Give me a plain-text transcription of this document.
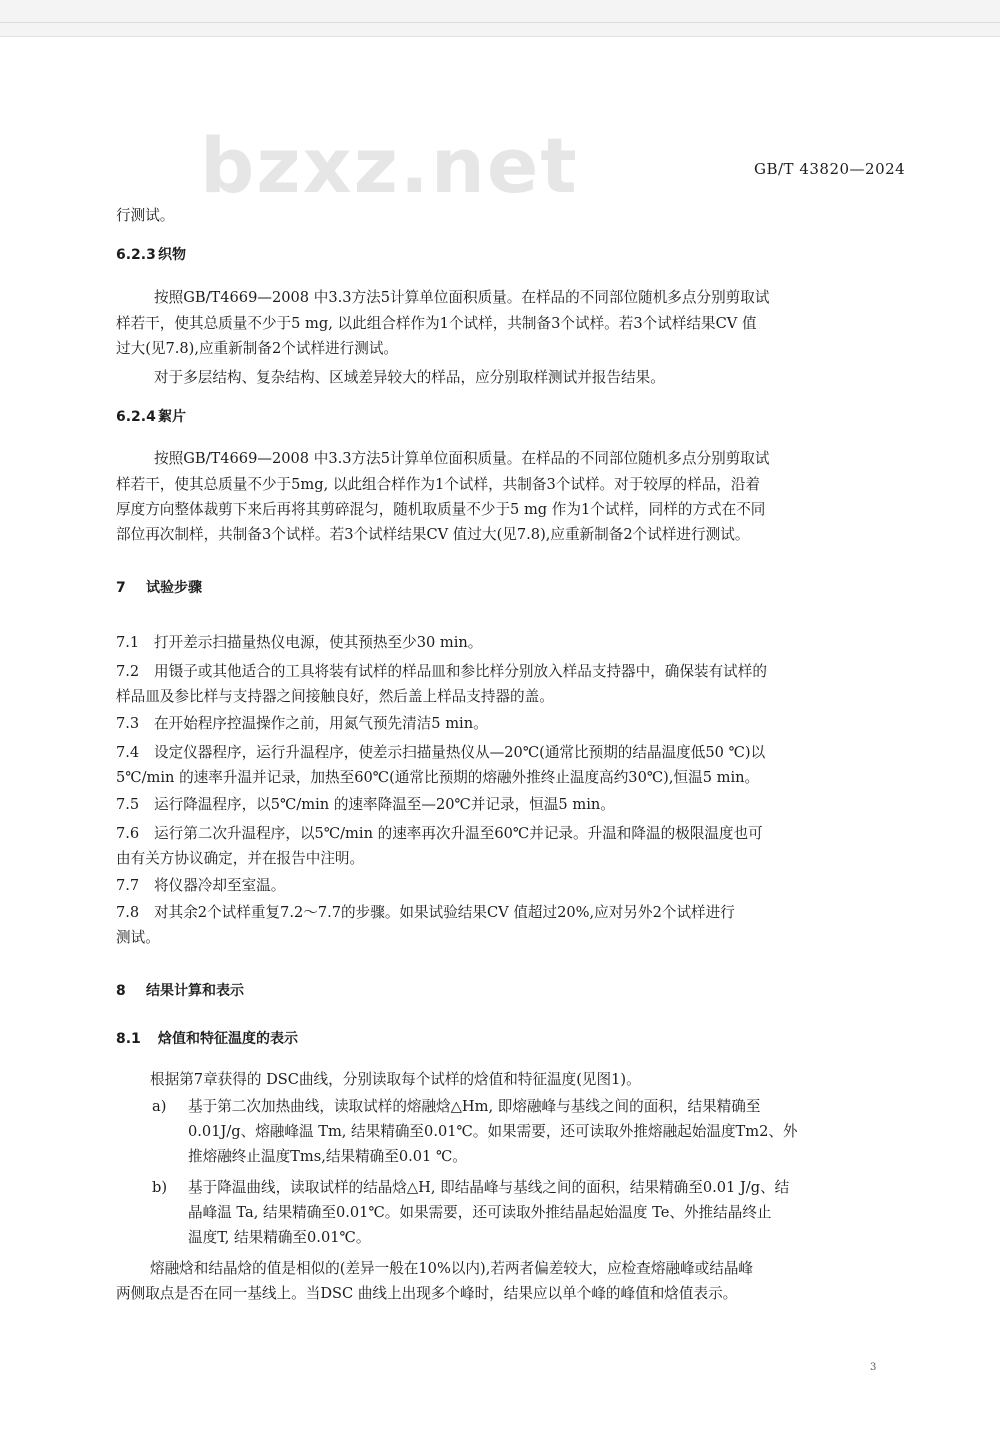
bzxz.net	GB/T 43820—2024
行测试。
6.2.3 织物
按照GB/T4669—2008 中3.3方法5计算单位面积质量。在样品的不同部位随机多点分别剪取试
样若干，使其总质量不少于5 mg, 以此组合样作为1个试样，共制备3个试样。若3个试样结果CV 值
过大(见7.8),应重新制备2个试样进行测试。
对于多层结构、复杂结构、区域差异较大的样品，应分别取样测试并报告结果。
6.2.4 絮片
按照GB/T4669—2008 中3.3方法5计算单位面积质量。在样品的不同部位随机多点分别剪取试
样若干，使其总质量不少于5mg, 以此组合样作为1个试样，共制备3个试样。对于较厚的样品，沿着
厚度方向整体裁剪下来后再将其剪碎混匀，随机取质量不少于5 mg 作为1个试样，同样的方式在不同
部位再次制样，共制备3个试样。若3个试样结果CV 值过大(见7.8),应重新制备2个试样进行测试。
7 试验步骤
7.1 打开差示扫描量热仪电源，使其预热至少30 min。
7.2 用镊子或其他适合的工具将装有试样的样品皿和参比样分别放入样品支持器中，确保装有试样的
样品皿及参比样与支持器之间接触良好，然后盖上样品支持器的盖。
7.3 在开始程序控温操作之前，用氮气预先清洁5 min。
7.4 设定仪器程序，运行升温程序，使差示扫描量热仪从—20℃(通常比预期的结晶温度低50 ℃)以
5℃/min 的速率升温并记录，加热至60℃(通常比预期的熔融外推终止温度高约30℃),恒温5 min。
7.5 运行降温程序，以5℃/min 的速率降温至—20℃并记录，恒温5 min。
7.6 运行第二次升温程序，以5℃/min 的速率再次升温至60℃并记录。升温和降温的极限温度也可
由有关方协议确定，并在报告中注明。
7.7 将仪器冷却至室温。
7.8 对其余2个试样重复7.2～7.7的步骤。如果试验结果CV 值超过20%,应对另外2个试样进行
测试。
8 结果计算和表示
8.1 焓值和特征温度的表示
根据第7章获得的 DSC曲线，分别读取每个试样的焓值和特征温度(见图1)。
a) 基于第二次加热曲线，读取试样的熔融焓△Hm, 即熔融峰与基线之间的面积，结果精确至
0.01J/g、熔融峰温 Tm, 结果精确至0.01℃。如果需要，还可读取外推熔融起始温度Tm2、外
推熔融终止温度Tms,结果精确至0.01 ℃。
b) 基于降温曲线，读取试样的结晶焓△H, 即结晶峰与基线之间的面积，结果精确至0.01 J/g、结
晶峰温 Ta, 结果精确至0.01℃。如果需要，还可读取外推结晶起始温度 Te、外推结晶终止
温度T, 结果精确至0.01℃。
熔融焓和结晶焓的值是相似的(差异一般在10%以内),若两者偏差较大，应检查熔融峰或结晶峰
两侧取点是否在同一基线上。当DSC 曲线上出现多个峰时，结果应以单个峰的峰值和焓值表示。
3
